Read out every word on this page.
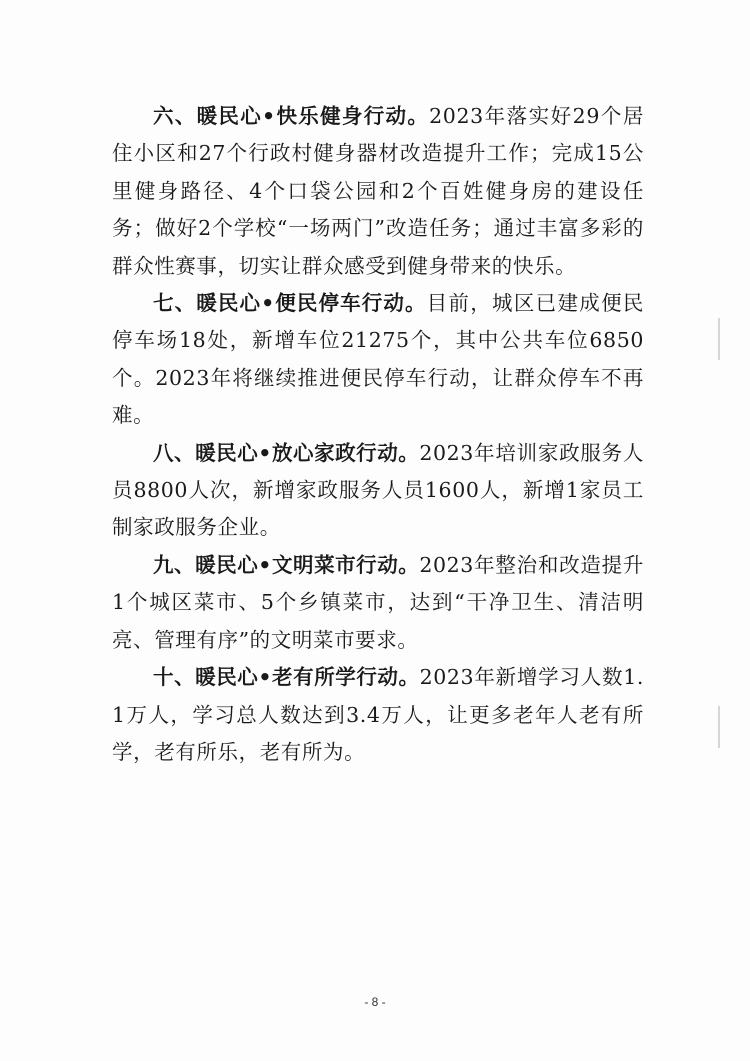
六、暖民心•快乐健身行动。2023年落实好29个居住小区和27个行政村健身器材改造提升工作；完成15公里健身路径、4个口袋公园和2个百姓健身房的建设任务；做好2个学校“一场两门”改造任务；通过丰富多彩的群众性赛事，切实让群众感受到健身带来的快乐。

七、暖民心•便民停车行动。目前，城区已建成便民停车场18处，新增车位21275个，其中公共车位6850个。2023年将继续推进便民停车行动，让群众停车不再难。

八、暖民心•放心家政行动。2023年培训家政服务人员8800人次，新增家政服务人员1600人，新增1家员工制家政服务企业。

九、暖民心•文明菜市行动。2023年整治和改造提升1个城区菜市、5个乡镇菜市，达到“干净卫生、清洁明亮、管理有序”的文明菜市要求。

十、暖民心•老有所学行动。2023年新增学习人数1.1万人，学习总人数达到3.4万人，让更多老年人老有所学，老有所乐，老有所为。

- 8 -
